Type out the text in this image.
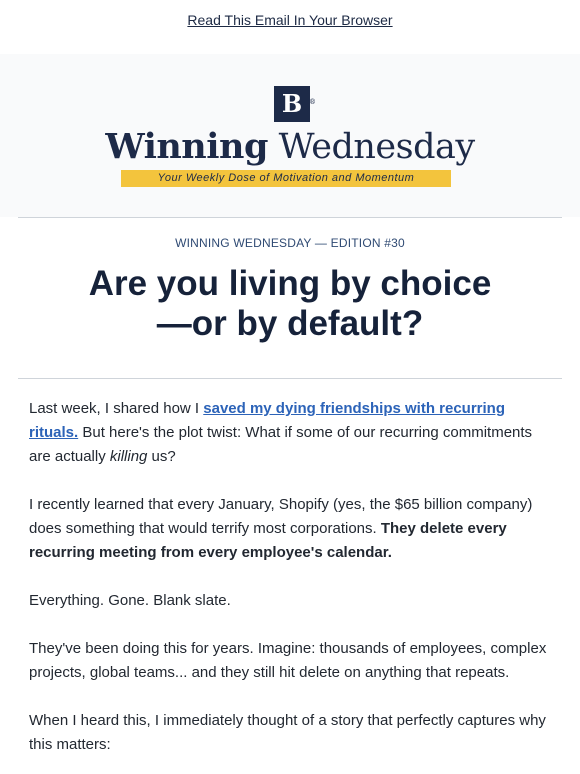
Read This Email In Your Browser
B ®
Winning Wednesday
Your Weekly Dose of Motivation and Momentum
WINNING WEDNESDAY — EDITION #30
Are you living by choice
—or by default?

Last week, I shared how I saved my dying friendships with recurring rituals. But here's the plot twist: What if some of our recurring commitments are actually killing us?

I recently learned that every January, Shopify (yes, the $65 billion company) does something that would terrify most corporations. They delete every recurring meeting from every employee's calendar.

Everything. Gone. Blank slate.

They've been doing this for years. Imagine: thousands of employees, complex projects, global teams... and they still hit delete on anything that repeats.

When I heard this, I immediately thought of a story that perfectly captures why this matters:
